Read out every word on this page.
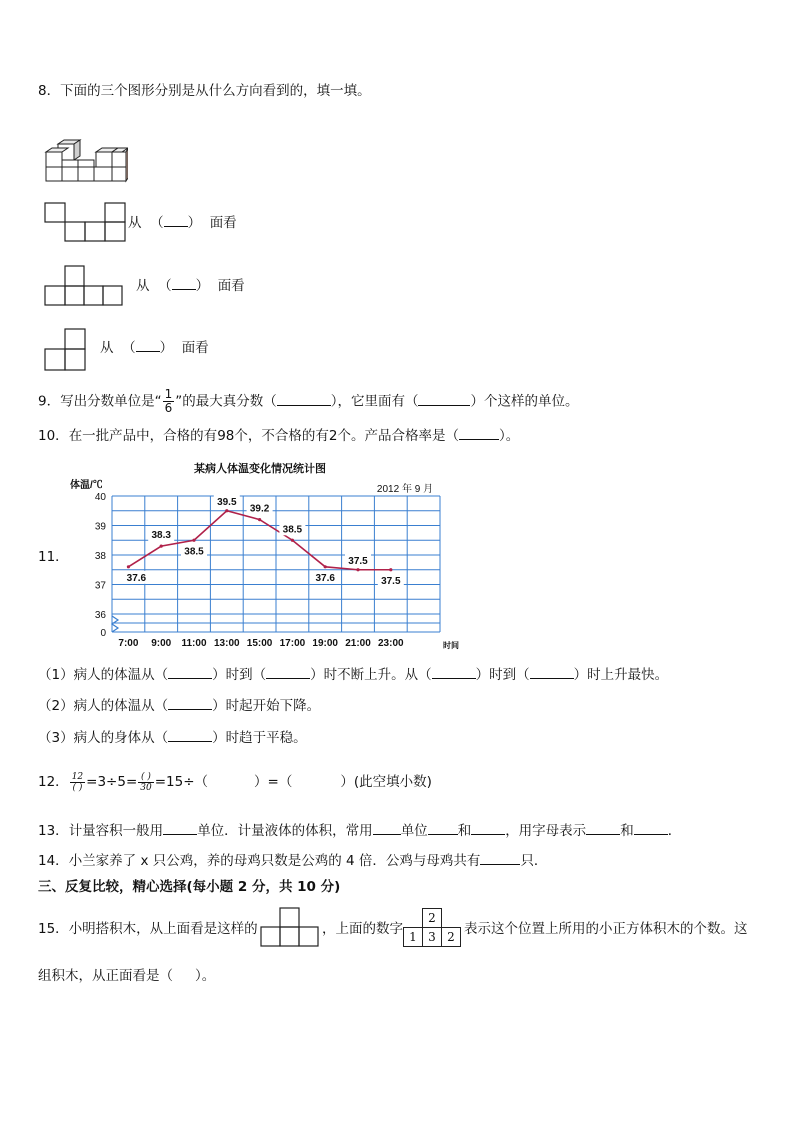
8．下面的三个图形分别是从什么方向看到的，填一填。
从 （ ） 面看
从 （ ） 面看
从 （ ） 面看
9．写出分数单位是“ $\frac{1}{6}$ ”的最大真分数（	），它里面有（	）个这样的单位。
10．在一批产品中，合格的有98个，不合格的有2个。产品合格率是（	）。
11．
某病人体温变化情况统计图
2012 年 9 月
体温/℃
时间
0
36
37
38
39
40
7:00 9:00 11:00 13:00 15:00 17:00 19:00 21:00 23:00
37.6
38.3
38.5
39.5
39.2
38.5
37.6
37.5
37.5
（1）病人的体温从（	）时到（	）时不断上升。从（	）时到（	）时上升最快。
（2）病人的体温从（	）时起开始下降。
（3）病人的身体从（	）时趋于平稳。
12． $\frac{12}{( )} =3\div 5= \frac{( )}{30} =15\div$（	）=（	）(此空填小数)
13．计量容积一般用	单位．计量液体的体积，常用 单位 和	，用字母表示	和	．
14．小兰家养了 x 只公鸡，养的母鸡只数是公鸡的 4 倍．公鸡与母鸡共有	只．
三、反复比较，精心选择(每小题 2 分，共 10 分)
15．小明搭积木，从上面看是这样的	，上面的数字
2
1 3 2 表示这个位置上所用的小正方体积木的个数。这
组积木，从正面看是（ ）。
